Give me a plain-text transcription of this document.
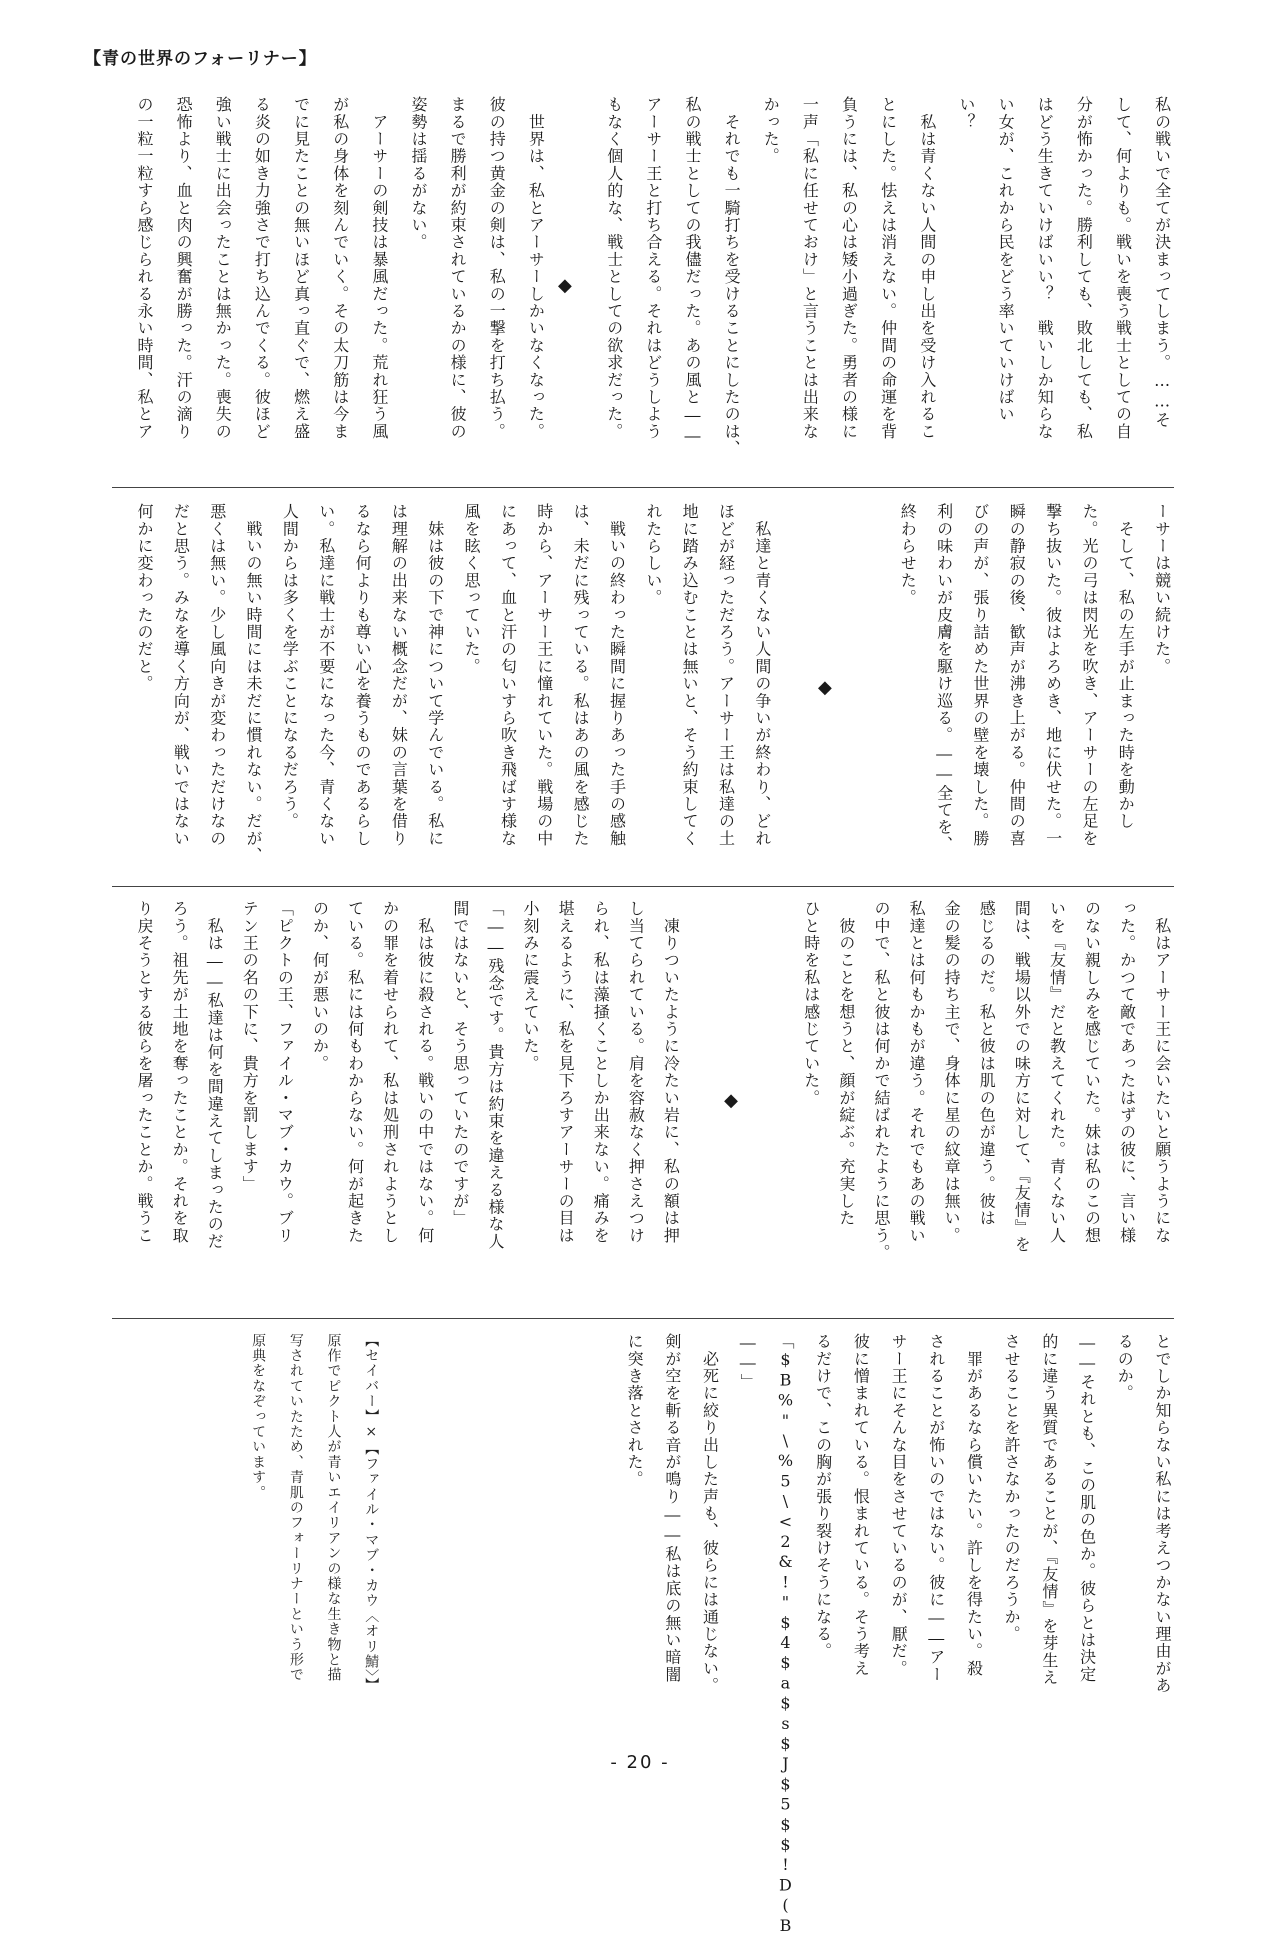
【青の世界のフォーリナー】
私の戦いで全てが決まってしまう。……そ
して、何よりも。戦いを喪う戦士としての自
分が怖かった。勝利しても、敗北しても、私
はどう生きていけばいい？　戦いしか知らな
い女が、これから民をどう率いていけばい
い？
　私は青くない人間の申し出を受け入れるこ
とにした。怯えは消えない。仲間の命運を背
負うには、私の心は矮小過ぎた。勇者の様に
一声「私に任せておけ」と言うことは出来な
かった。
　それでも一騎打ちを受けることにしたのは、
私の戦士としての我儘だった。あの風と――
アーサー王と打ち合える。それはどうしよう
もなく個人的な、戦士としての欲求だった。
◆
　世界は、私とアーサーしかいなくなった。
彼の持つ黄金の剣は、私の一撃を打ち払う。
まるで勝利が約束されているかの様に、彼の
姿勢は揺るがない。
　アーサーの剣技は暴風だった。荒れ狂う風
が私の身体を刻んでいく。その太刀筋は今ま
でに見たことの無いほど真っ直ぐで、燃え盛
る炎の如き力強さで打ち込んでくる。彼ほど
強い戦士に出会ったことは無かった。喪失の
恐怖より、血と肉の興奮が勝った。汗の滴り
の一粒一粒すら感じられる永い時間、私とア
ーサーは競い続けた。
　そして、私の左手が止まった時を動かし
た。光の弓は閃光を吹き、アーサーの左足を
撃ち抜いた。彼はよろめき、地に伏せた。一
瞬の静寂の後、歓声が沸き上がる。仲間の喜
びの声が、張り詰めた世界の壁を壊した。勝
利の味わいが皮膚を駆け巡る。――全てを、
終わらせた。
◆
　私達と青くない人間の争いが終わり、どれ
ほどが経っただろう。アーサー王は私達の土
地に踏み込むことは無いと、そう約束してく
れたらしい。
　戦いの終わった瞬間に握りあった手の感触
は、未だに残っている。私はあの風を感じた
時から、アーサー王に憧れていた。戦場の中
にあって、血と汗の匂いすら吹き飛ばす様な
風を眩く思っていた。
　妹は彼の下で神について学んでいる。私に
は理解の出来ない概念だが、妹の言葉を借り
るなら何よりも尊い心を養うものであるらし
い。私達に戦士が不要になった今、青くない
人間からは多くを学ぶことになるだろう。
　戦いの無い時間には未だに慣れない。だが、
悪くは無い。少し風向きが変わっただけなの
だと思う。みなを導く方向が、戦いではない
何かに変わったのだと。
　私はアーサー王に会いたいと願うようにな
った。かつて敵であったはずの彼に、言い様
のない親しみを感じていた。妹は私のこの想
いを『友情』だと教えてくれた。青くない人
間は、戦場以外での味方に対して、『友情』を
感じるのだ。私と彼は肌の色が違う。彼は
金の髪の持ち主で、身体に星の紋章は無い。
私達とは何もかもが違う。それでもあの戦い
の中で、私と彼は何かで結ばれたように思う。
　彼のことを想うと、顔が綻ぶ。充実した
ひと時を私は感じていた。
◆
　凍りついたように冷たい岩に、私の額は押
し当てられている。肩を容赦なく押さえつけ
られ、私は藻掻くことしか出来ない。痛みを
堪えるように、私を見下ろすアーサーの目は
小刻みに震えていた。
「――残念です。貴方は約束を違える様な人
間ではないと、そう思っていたのですが」
　私は彼に殺される。戦いの中ではない。何
かの罪を着せられて、私は処刑されようとし
ている。私には何もわからない。何が起きた
のか、何が悪いのか。
「ピクトの王、ファイル・マブ・カウ。ブリ
テン王の名の下に、貴方を罰します」
　私は――私達は何を間違えてしまったのだ
ろう。祖先が土地を奪ったことか。それを取
り戻そうとする彼らを屠ったことか。戦うこ
とでしか知らない私には考えつかない理由があ
るのか。
――それとも、この肌の色か。彼らとは決定
的に違う異質であることが、『友情』を芽生え
させることを許さなかったのだろうか。
　罪があるなら償いたい。許しを得たい。殺
されることが怖いのではない。彼に――アー
サー王にそんな目をさせているのが、厭だ。
彼に憎まれている。恨まれている。そう考え
るだけで、この胸が張り裂けそうになる。
「$B%"\%5\<2&!"$4$a$s$J$5$$!D(B
――」
　必死に絞り出した声も、彼らには通じない。
剣が空を斬る音が鳴り――私は底の無い暗闇
に突き落とされた。
【セイバー】×【ファイル・マブ・カウ〈オリ鯖〉】
原作でピクト人が青いエイリアンの様な生き物と描
写されていたため、青肌のフォーリナーという形で
原典をなぞっています。
- 20 -
